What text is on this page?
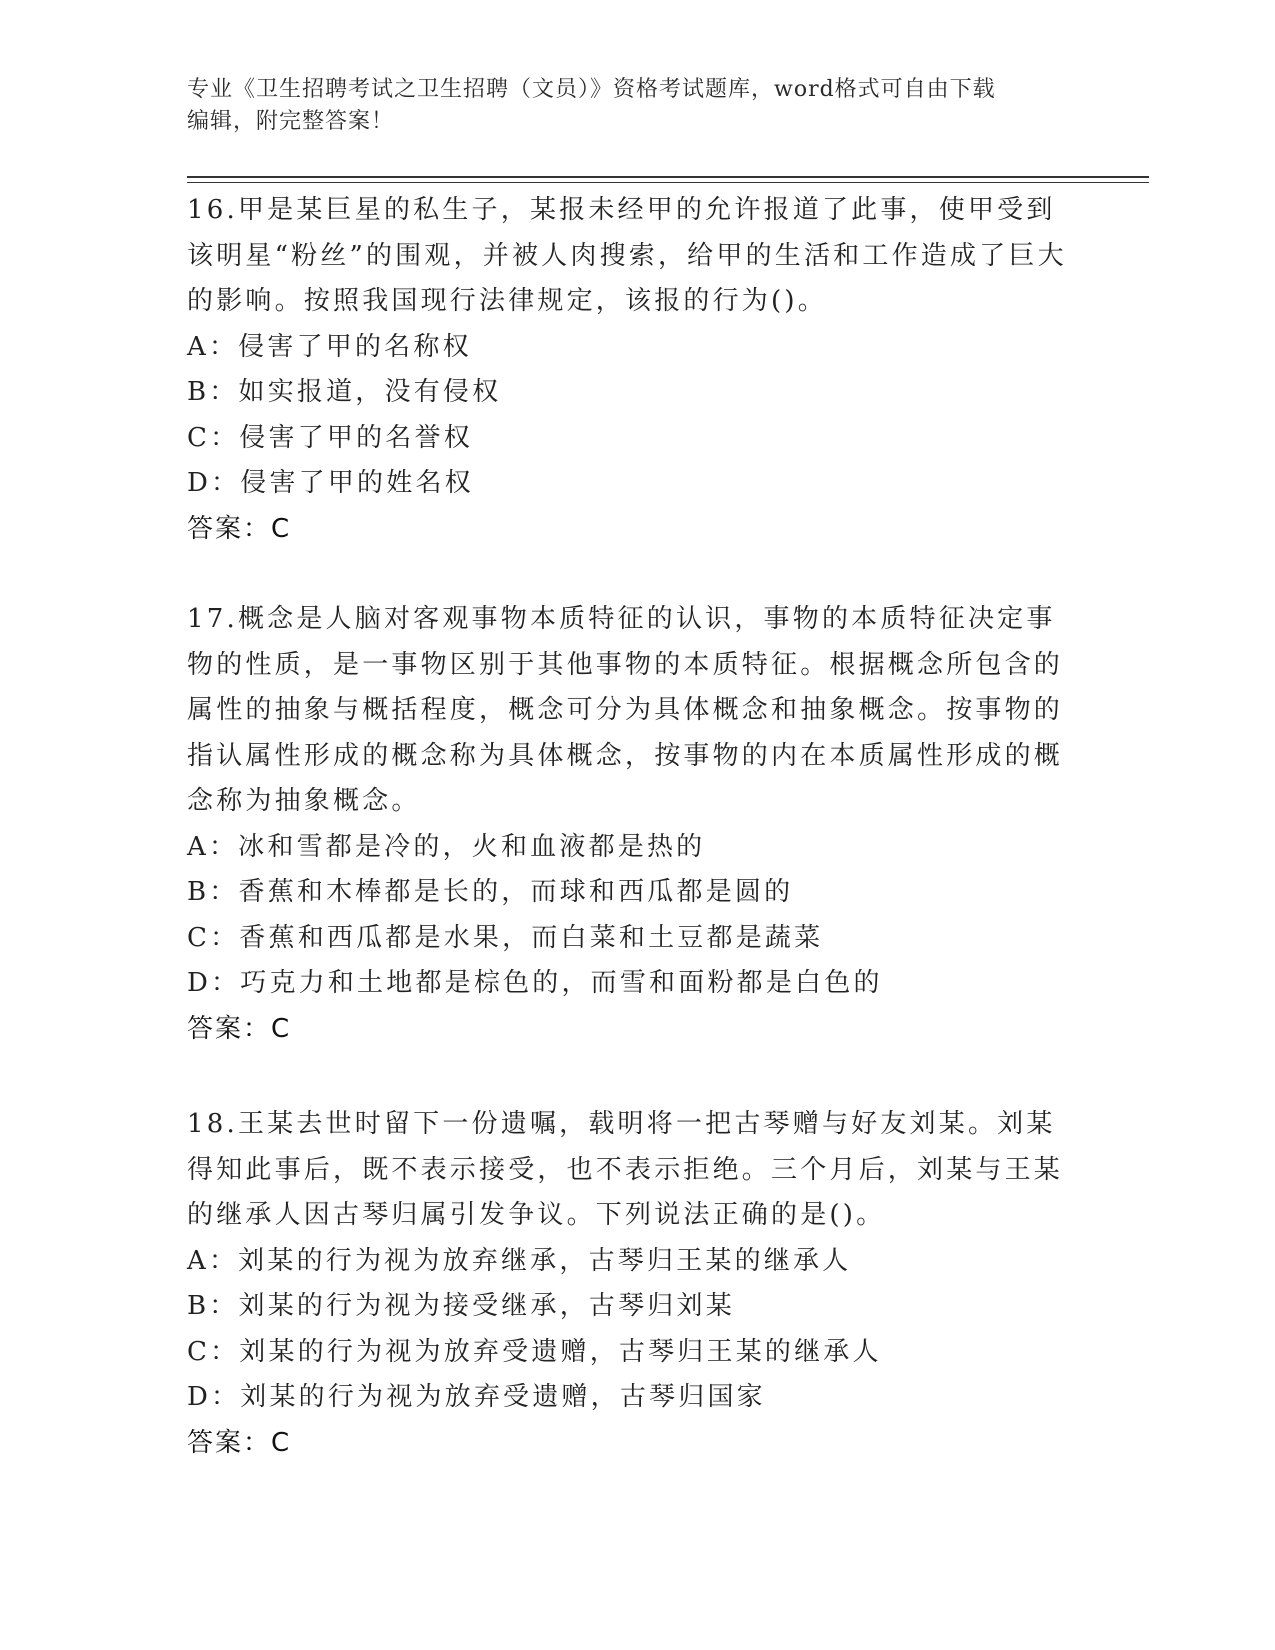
专业《卫生招聘考试之卫生招聘（文员）》资格考试题库，word格式可自由下载
编辑，附完整答案！

16.甲是某巨星的私生子，某报未经甲的允许报道了此事，使甲受到该明星“粉丝”的围观，并被人肉搜索，给甲的生活和工作造成了巨大的影响。按照我国现行法律规定，该报的行为()。

A：侵害了甲的名称权

B：如实报道，没有侵权

C：侵害了甲的名誉权

D：侵害了甲的姓名权

答案：C

17.概念是人脑对客观事物本质特征的认识，事物的本质特征决定事物的性质，是一事物区别于其他事物的本质特征。根据概念所包含的属性的抽象与概括程度，概念可分为具体概念和抽象概念。按事物的指认属性形成的概念称为具体概念，按事物的内在本质属性形成的概念称为抽象概念。

A：冰和雪都是冷的，火和血液都是热的

B：香蕉和木棒都是长的，而球和西瓜都是圆的

C：香蕉和西瓜都是水果，而白菜和土豆都是蔬菜

D：巧克力和土地都是棕色的，而雪和面粉都是白色的

答案：C

18.王某去世时留下一份遗嘱，载明将一把古琴赠与好友刘某。刘某得知此事后，既不表示接受，也不表示拒绝。三个月后，刘某与王某的继承人因古琴归属引发争议。下列说法正确的是()。

A：刘某的行为视为放弃继承，古琴归王某的继承人

B：刘某的行为视为接受继承，古琴归刘某

C：刘某的行为视为放弃受遗赠，古琴归王某的继承人

D：刘某的行为视为放弃受遗赠，古琴归国家

答案：C
